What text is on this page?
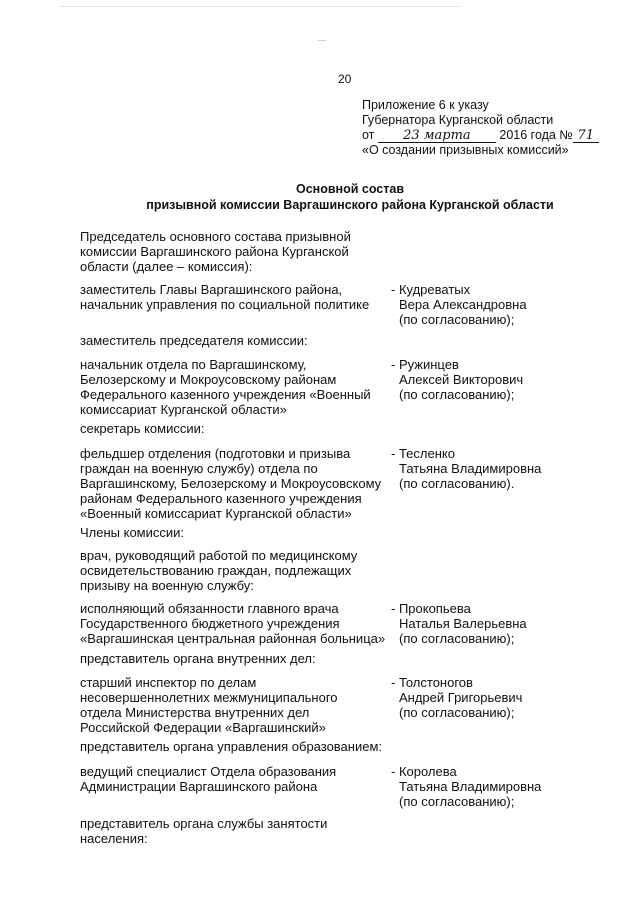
20
Приложение 6 к указу
Губернатора Курганской области
от 23 марта 2016 года № 71
«О создании призывных комиссий»
Основной состав
призывной комиссии Варгашинского района Курганской области
Председатель основного состава призывной
комиссии Варгашинского района Курганской
области (далее – комиссия):
заместитель Главы Варгашинского района,
начальник управления по социальной политике
- Кудреватых
Вера Александровна
(по согласованию);
заместитель председателя комиссии:
начальник отдела по Варгашинскому,
Белозерскому и Мокроусовскому районам
Федерального казенного учреждения «Военный
комиссариат Курганской области»
- Ружинцев
Алексей Викторович
(по согласованию);
секретарь комиссии:
фельдшер отделения (подготовки и призыва
граждан на военную службу) отдела по
Варгашинскому, Белозерскому и Мокроусовскому
районам Федерального казенного учреждения
«Военный комиссариат Курганской области»
- Тесленко
Татьяна Владимировна
(по согласованию).
Члены комиссии:
врач, руководящий работой по медицинскому
освидетельствованию граждан, подлежащих
призыву на военную службу:
исполняющий обязанности главного врача
Государственного бюджетного учреждения
«Варгашинская центральная районная больница»
- Прокопьева
Наталья Валерьевна
(по согласованию);
представитель органа внутренних дел:
старший инспектор по делам
несовершеннолетних межмуниципального
отдела Министерства внутренних дел
Российской Федерации «Варгашинский»
- Толстоногов
Андрей Григорьевич
(по согласованию);
представитель органа управления образованием:
ведущий специалист Отдела образования
Администрации Варгашинского района
- Королева
Татьяна Владимировна
(по согласованию);
представитель органа службы занятости
населения:
